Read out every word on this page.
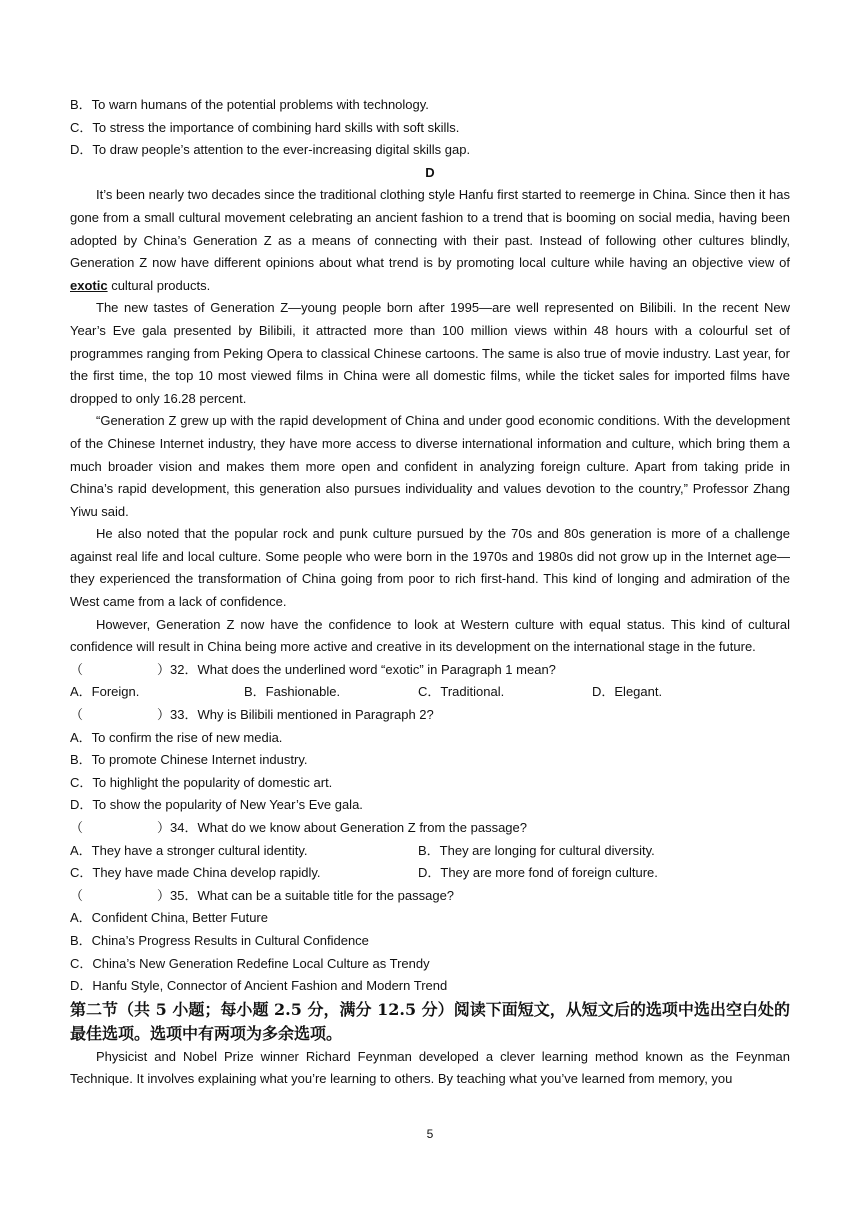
B．To warn humans of the potential problems with technology.

C．To stress the importance of combining hard skills with soft skills.

D．To draw people’s attention to the ever-increasing digital skills gap.

D

It’s been nearly two decades since the traditional clothing style Hanfu first started to reemerge in China. Since then it has gone from a small cultural movement celebrating an ancient fashion to a trend that is booming on social media, having been adopted by China’s Generation Z as a means of connecting with their past. Instead of following other cultures blindly, Generation Z now have different opinions about what trend is by promoting local culture while having an objective view of exotic cultural products.

The new tastes of Generation Z—young people born after 1995—are well represented on Bilibili. In the recent New Year’s Eve gala presented by Bilibili, it attracted more than 100 million views within 48 hours with a colourful set of programmes ranging from Peking Opera to classical Chinese cartoons. The same is also true of movie industry. Last year, for the first time, the top 10 most viewed films in China were all domestic films, while the ticket sales for imported films have dropped to only 16.28 percent.

“Generation Z grew up with the rapid development of China and under good economic conditions. With the development of the Chinese Internet industry, they have more access to diverse international information and culture, which bring them a much broader vision and makes them more open and confident in analyzing foreign culture. Apart from taking pride in China’s rapid development, this generation also pursues individuality and values devotion to the country,” Professor Zhang Yiwu said.

He also noted that the popular rock and punk culture pursued by the 70s and 80s generation is more of a challenge against real life and local culture. Some people who were born in the 1970s and 1980s did not grow up in the Internet age—they experienced the transformation of China going from poor to rich first-hand. This kind of longing and admiration of the West came from a lack of confidence.

However, Generation Z now have the confidence to look at Western culture with equal status. This kind of cultural confidence will result in China being more active and creative in its development on the international stage in the future.

（	）32．What does the underlined word “exotic” in Paragraph 1 mean?

A．Foreign.	B．Fashionable.	C．Traditional.	D．Elegant.

（	）33．Why is Bilibili mentioned in Paragraph 2?

A．To confirm the rise of new media.

B．To promote Chinese Internet industry.

C．To highlight the popularity of domestic art.

D．To show the popularity of New Year’s Eve gala.

（	）34．What do we know about Generation Z from the passage?

A．They have a stronger cultural identity.	B．They are longing for cultural diversity.
C．They have made China develop rapidly.	D．They are more fond of foreign culture.

（	）35．What can be a suitable title for the passage?

A．Confident China, Better Future

B．China’s Progress Results in Cultural Confidence

C．China’s New Generation Redefine Local Culture as Trendy

D．Hanfu Style, Connector of Ancient Fashion and Modern Trend

第二节（共 5 小题；每小题 2.5 分，满分 12.5 分）阅读下面短文，从短文后的选项中选出空白处的最佳选项。选项中有两项为多余选项。

Physicist and Nobel Prize winner Richard Feynman developed a clever learning method known as the Feynman Technique. It involves explaining what you’re learning to others. By teaching what you’ve learned from memory, you

5
